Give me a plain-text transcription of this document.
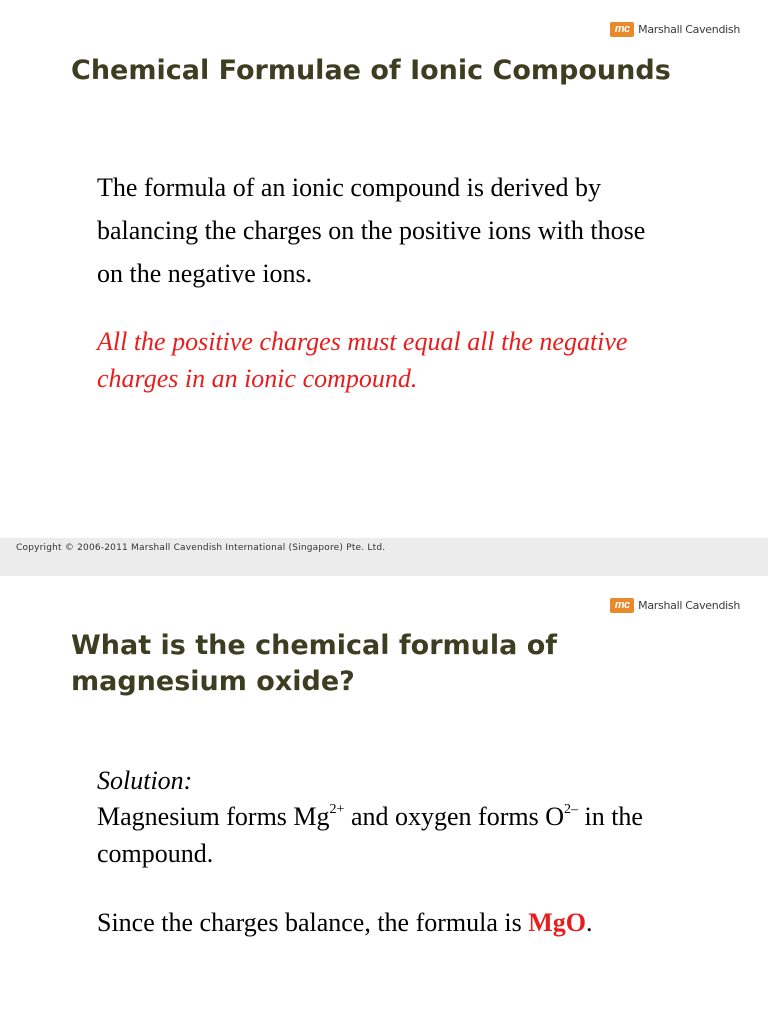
mc Marshall Cavendish
Chemical Formulae of Ionic Compounds

The formula of an ionic compound is derived by balancing the charges on the positive ions with those on the negative ions.

All the positive charges must equal all the negative charges in an ionic compound.

Copyright © 2006-2011 Marshall Cavendish International (Singapore) Pte. Ltd.
mc Marshall Cavendish
What is the chemical formula of magnesium oxide?

Solution:

Magnesium forms $Mg^{2+}$ and oxygen forms $O^{2-}$ in the compound.

Since the charges balance, the formula is MgO.
